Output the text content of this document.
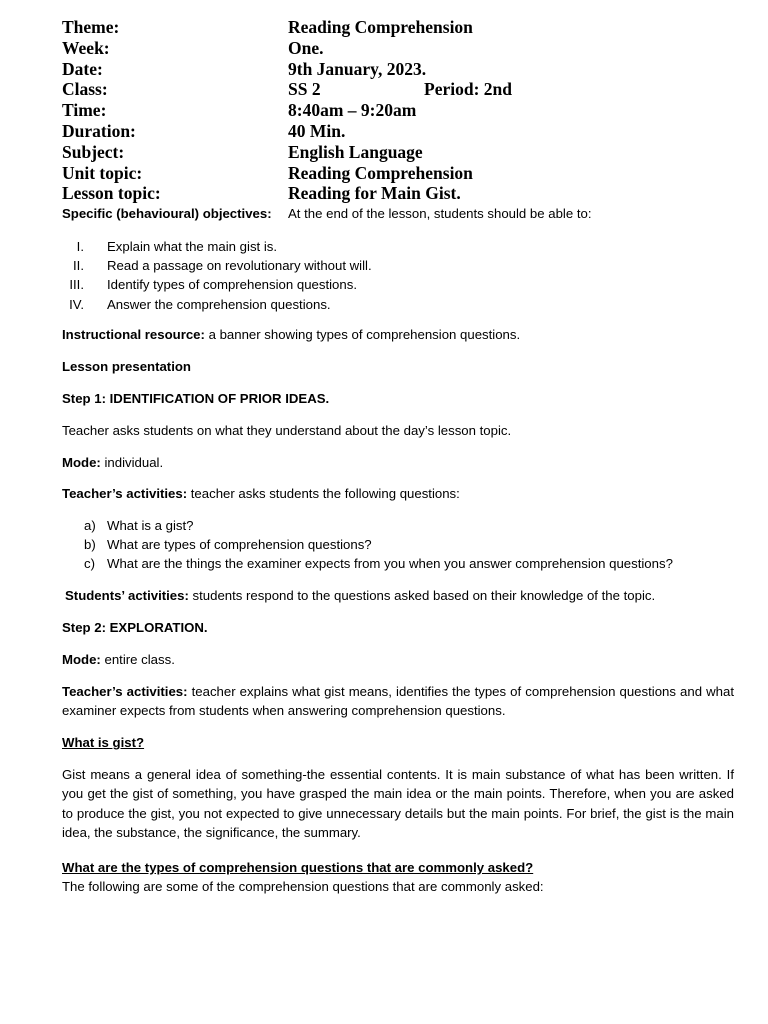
Theme:	Reading Comprehension
Week:	One.
Date:	9th January, 2023.
Class:	SS 2	Period: 2nd
Time:	8:40am – 9:20am
Duration:	40 Min.
Subject:	English Language
Unit topic:	Reading Comprehension
Lesson topic:	Reading for Main Gist.
Specific (behavioural) objectives: At the end of the lesson, students should be able to:
I. Explain what the main gist is.
II. Read a passage on revolutionary without will.
III. Identify types of comprehension questions.
IV. Answer the comprehension questions.

Instructional resource: a banner showing types of comprehension questions.

Lesson presentation

Step 1: IDENTIFICATION OF PRIOR IDEAS.

Teacher asks students on what they understand about the day’s lesson topic.

Mode: individual.

Teacher’s activities: teacher asks students the following questions:

a) What is a gist?
b) What are types of comprehension questions?
c) What are the things the examiner expects from you when you answer comprehension questions?

Students’ activities: students respond to the questions asked based on their knowledge of the topic.

Step 2: EXPLORATION.

Mode: entire class.

Teacher’s activities: teacher explains what gist means, identifies the types of comprehension questions and what examiner expects from students when answering comprehension questions.

What is gist?

Gist means a general idea of something-the essential contents. It is main substance of what has been written. If you get the gist of something, you have grasped the main idea or the main points. Therefore, when you are asked to produce the gist, you not expected to give unnecessary details but the main points. For brief, the gist is the main idea, the substance, the significance, the summary.

What are the types of comprehension questions that are commonly asked?

The following are some of the comprehension questions that are commonly asked:
